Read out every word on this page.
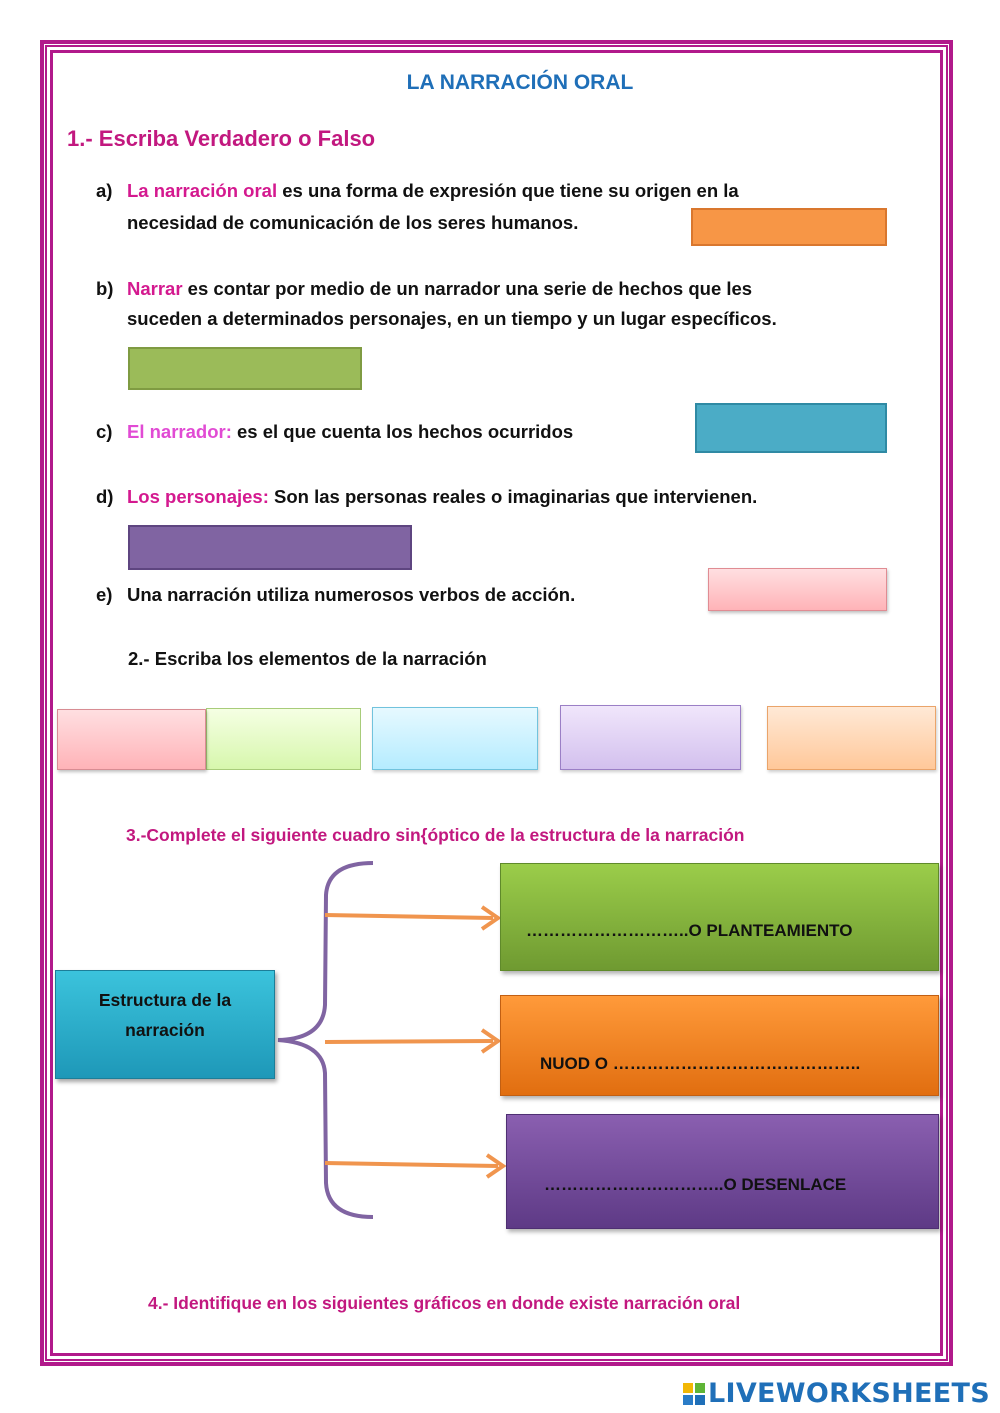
LA NARRACIÓN ORAL
1.- Escriba Verdadero o Falso
a) La narración oral es una forma de expresión que tiene su origen en la
necesidad de comunicación de los seres humanos.
b) Narrar es contar por medio de un narrador una serie de hechos que les
suceden a determinados personajes, en un tiempo y un lugar específicos.
c) El narrador: es el que cuenta los hechos ocurridos
d) Los personajes: Son las personas reales o imaginarias que intervienen.
e) Una narración utiliza numerosos verbos de acción.
2.- Escriba los elementos de la narración
3.-Complete el siguiente cuadro sin{óptico de la estructura de la narración
Estructura de la
narración
………………………..O PLANTEAMIENTO
NUOD O ……………………………………..
…………………………..O DESENLACE
4.- Identifique en los siguientes gráficos en donde existe narración oral
LIVEWORKSHEETS
